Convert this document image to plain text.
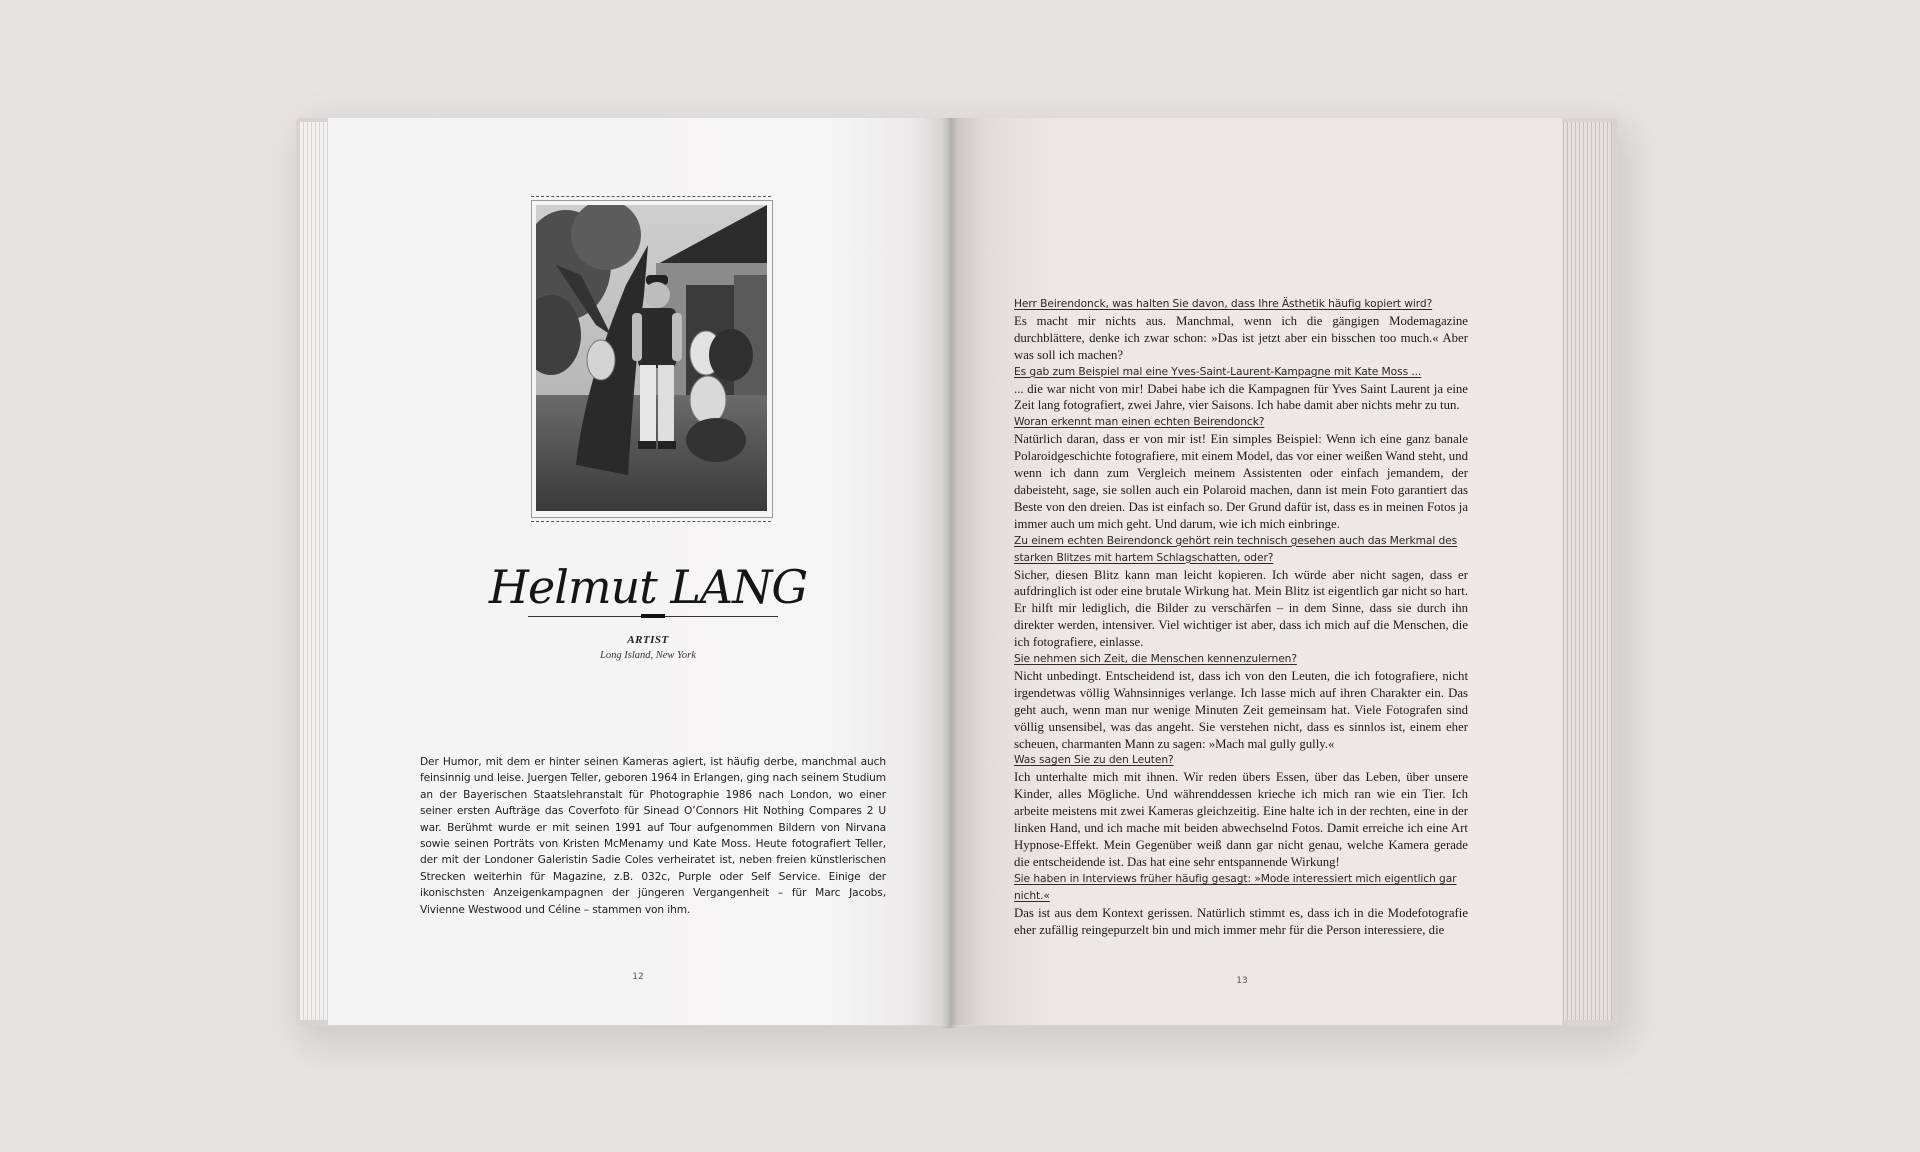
Helmut LANG
ARTIST
Long Island, New York

Der Humor, mit dem er hinter seinen Kameras agiert, ist häufig derbe, manchmal auch feinsinnig und leise. Juergen Teller, geboren 1964 in Erlangen, ging nach seinem Studium an der Bayerischen Staatslehranstalt für Photographie 1986 nach London, wo einer seiner ersten Aufträge das Coverfoto für Sinead O’Connors Hit Nothing Compares 2 U war. Berühmt wurde er mit seinen 1991 auf Tour aufgenommen Bildern von Nirvana sowie seinen Porträts von Kristen McMenamy und Kate Moss. Heute fotografiert Teller, der mit der Londoner Galeristin Sadie Coles verheiratet ist, neben freien künstlerischen Strecken weiterhin für Magazine, z.B. 032c, Purple oder Self Service. Einige der ikonischsten Anzeigenkampagnen der jüngeren Vergangenheit – für Marc Jacobs, Vivienne Westwood und Céline – stammen von ihm.

12

Herr Beirendonck, was halten Sie davon, dass Ihre Ästhetik häufig kopiert wird?

Es macht mir nichts aus. Manchmal, wenn ich die gängigen Modemagazine durchblättere, denke ich zwar schon: »Das ist jetzt aber ein bisschen too much.« Aber was soll ich machen?

Es gab zum Beispiel mal eine Yves-Saint-Laurent-Kampagne mit Kate Moss ...

... die war nicht von mir! Dabei habe ich die Kampagnen für Yves Saint Laurent ja eine Zeit lang fotografiert, zwei Jahre, vier Saisons. Ich habe damit aber nichts mehr zu tun.

Woran erkennt man einen echten Beirendonck?

Natürlich daran, dass er von mir ist! Ein simples Beispiel: Wenn ich eine ganz banale Polaroidgeschichte fotografiere, mit einem Model, das vor einer weißen Wand steht, und wenn ich dann zum Vergleich meinem Assistenten oder einfach jemandem, der dabeisteht, sage, sie sollen auch ein Polaroid machen, dann ist mein Foto garantiert das Beste von den dreien. Das ist einfach so. Der Grund dafür ist, dass es in meinen Fotos ja immer auch um mich geht. Und darum, wie ich mich einbringe.

Zu einem echten Beirendonck gehört rein technisch gesehen auch das Merkmal des starken Blitzes mit hartem Schlagschatten, oder?

Sicher, diesen Blitz kann man leicht kopieren. Ich würde aber nicht sagen, dass er aufdringlich ist oder eine brutale Wirkung hat. Mein Blitz ist eigentlich gar nicht so hart. Er hilft mir lediglich, die Bilder zu verschärfen – in dem Sinne, dass sie durch ihn direkter werden, intensiver. Viel wichtiger ist aber, dass ich mich auf die Menschen, die ich fotografiere, einlasse.

Sie nehmen sich Zeit, die Menschen kennenzulernen?

Nicht unbedingt. Entscheidend ist, dass ich von den Leuten, die ich fotografiere, nicht irgendetwas völlig Wahnsinniges verlange. Ich lasse mich auf ihren Charakter ein. Das geht auch, wenn man nur wenige Minuten Zeit gemeinsam hat. Viele Fotografen sind völlig unsensibel, was das angeht. Sie verstehen nicht, dass es sinnlos ist, einem eher scheuen, charmanten Mann zu sagen: »Mach mal gully gully.«

Was sagen Sie zu den Leuten?

Ich unterhalte mich mit ihnen. Wir reden übers Essen, über das Leben, über unsere Kinder, alles Mögliche. Und währenddessen krieche ich mich ran wie ein Tier. Ich arbeite meistens mit zwei Kameras gleichzeitig. Eine halte ich in der rechten, eine in der linken Hand, und ich mache mit beiden abwechselnd Fotos. Damit erreiche ich eine Art Hypnose-Effekt. Mein Gegenüber weiß dann gar nicht genau, welche Kamera gerade die entscheidende ist. Das hat eine sehr entspannende Wirkung!

Sie haben in Interviews früher häufig gesagt: »Mode interessiert mich eigentlich gar nicht.«

Das ist aus dem Kontext gerissen. Natürlich stimmt es, dass ich in die Modefotografie eher zufällig reingepurzelt bin und mich immer mehr für die Person interessiere, die

13
